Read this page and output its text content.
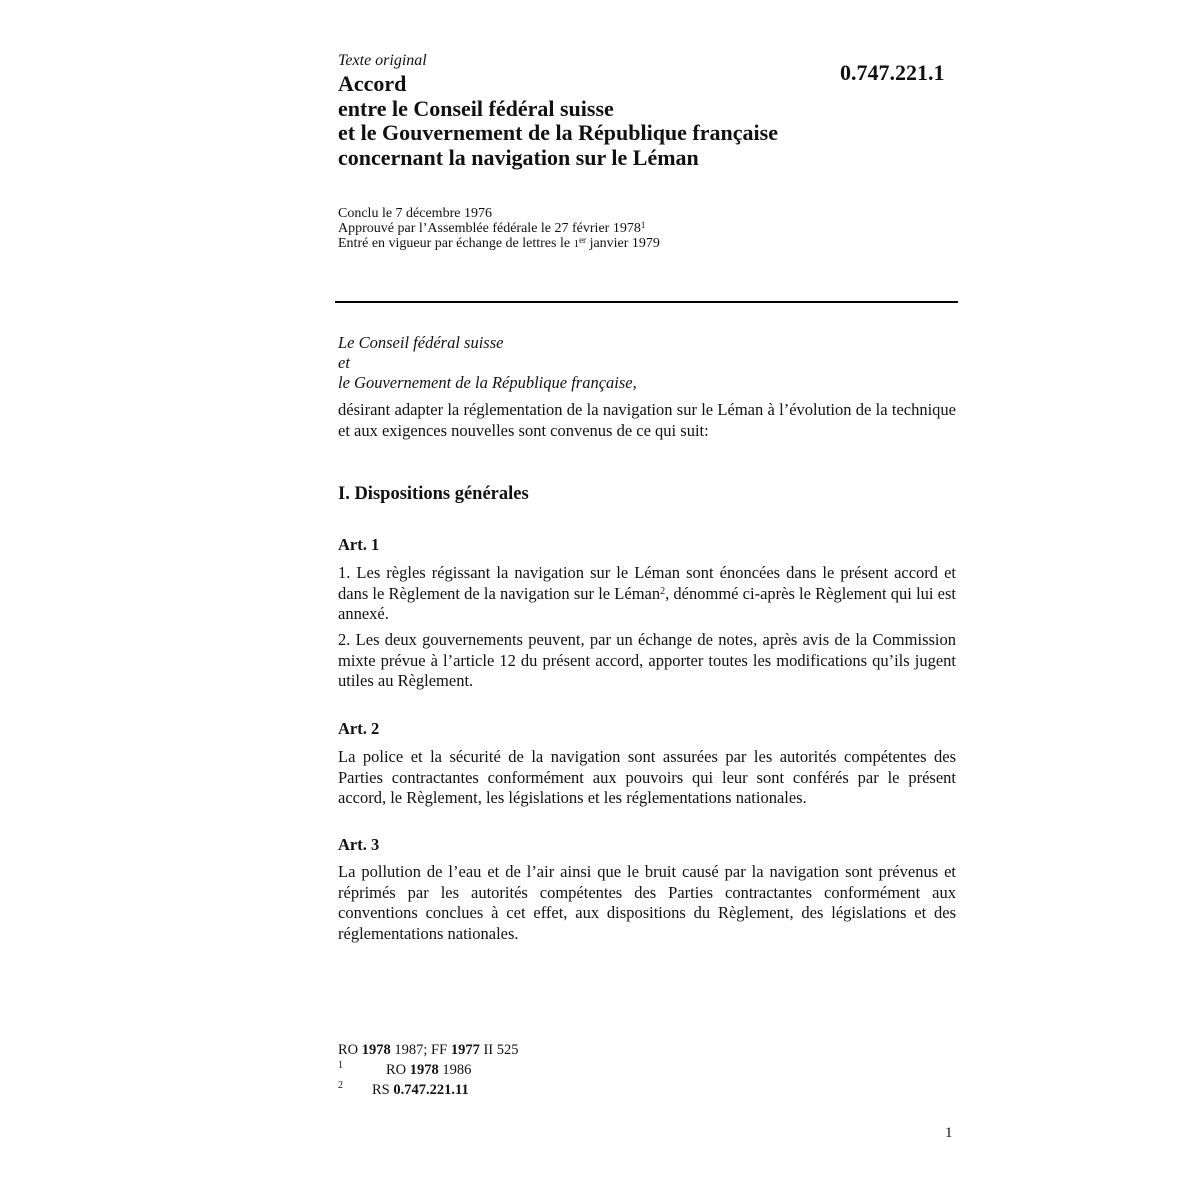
Texte original	0.747.221.1
Accord
entre le Conseil fédéral suisse
et le Gouvernement de la République française
concernant la navigation sur le Léman
Conclu le 7 décembre 1976
Approuvé par l’Assemblée fédérale le 27 février 1978$^1$
Entré en vigueur par échange de lettres le 1er janvier 1979
Le Conseil fédéral suisse
et
le Gouvernement de la République française,

désirant adapter la réglementation de la navigation sur le Léman à l’évolution de la technique et aux exigences nouvelles sont convenus de ce qui suit:

I. Dispositions générales
Art. 1

1. Les règles régissant la navigation sur le Léman sont énoncées dans le présent accord et dans le Règlement de la navigation sur le Léman$^2$, dénommé ci-après le Règlement qui lui est annexé.

2. Les deux gouvernements peuvent, par un échange de notes, après avis de la Commission mixte prévue à l’article 12 du présent accord, apporter toutes les modifications qu’ils jugent utiles au Règlement.

Art. 2

La police et la sécurité de la navigation sont assurées par les autorités compétentes des Parties contractantes conformément aux pouvoirs qui leur sont conférés par le présent accord, le Règlement, les législations et les réglementations nationales.

Art. 3

La pollution de l’eau et de l’air ainsi que le bruit causé par la navigation sont prévenus et réprimés par les autorités compétentes des Parties contractantes conformément aux conventions conclues à cet effet, aux dispositions du Règlement, des législations et des réglementations nationales.

RO 1978 1987; FF 1977 II 525
1	RO 1978 1986
2 RS 0.747.221.11
1
